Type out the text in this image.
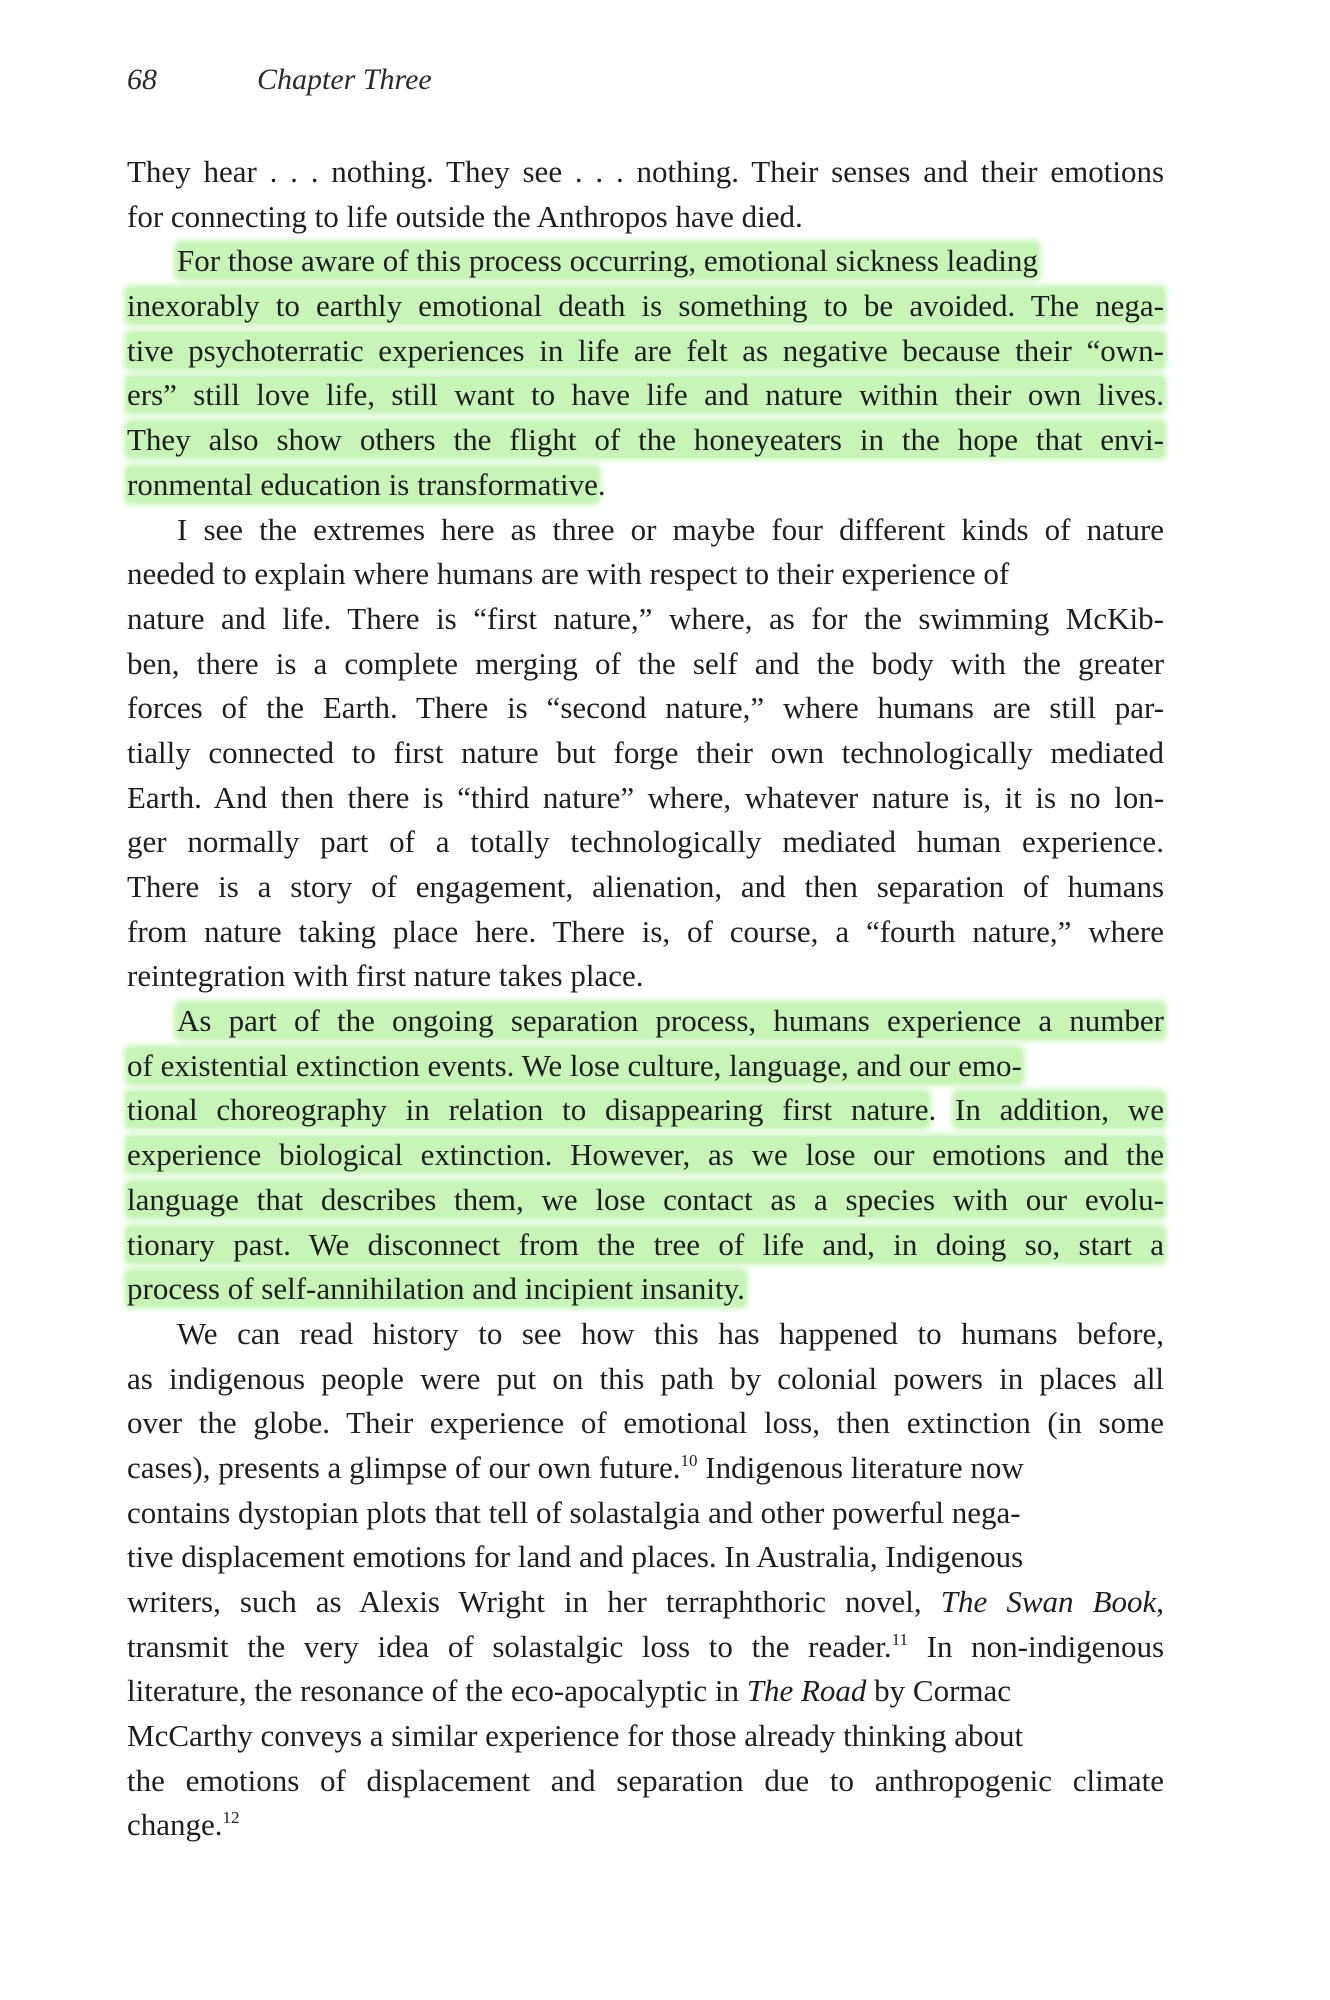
68	Chapter Three
They hear . . . nothing. They see . . . nothing. Their senses and their emotions
for connecting to life outside the Anthropos have died.
For those aware of this process occurring, emotional sickness leading
inexorably to earthly emotional death is something to be avoided. The nega-
tive psychoterratic experiences in life are felt as negative because their “own-
ers” still love life, still want to have life and nature within their own lives.
They also show others the flight of the honeyeaters in the hope that envi-
ronmental education is transformative.
I see the extremes here as three or maybe four different kinds of nature
needed to explain where humans are with respect to their experience of
nature and life. There is “first nature,” where, as for the swimming McKib-
ben, there is a complete merging of the self and the body with the greater
forces of the Earth. There is “second nature,” where humans are still par-
tially connected to first nature but forge their own technologically mediated
Earth. And then there is “third nature” where, whatever nature is, it is no lon-
ger normally part of a totally technologically mediated human experience.
There is a story of engagement, alienation, and then separation of humans
from nature taking place here. There is, of course, a “fourth nature,” where
reintegration with first nature takes place.
As part of the ongoing separation process, humans experience a number
of existential extinction events. We lose culture, language, and our emo-
tional choreography in relation to disappearing first nature. In addition, we
experience biological extinction. However, as we lose our emotions and the
language that describes them, we lose contact as a species with our evolu-
tionary past. We disconnect from the tree of life and, in doing so, start a
process of self-annihilation and incipient insanity.
We can read history to see how this has happened to humans before,
as indigenous people were put on this path by colonial powers in places all
over the globe. Their experience of emotional loss, then extinction (in some
cases), presents a glimpse of our own future.$^{10}$ Indigenous literature now
contains dystopian plots that tell of solastalgia and other powerful nega-
tive displacement emotions for land and places. In Australia, Indigenous
writers, such as Alexis Wright in her terraphthoric novel, The Swan Book,
transmit the very idea of solastalgic loss to the reader.$^{11}$ In non-indigenous
literature, the resonance of the eco-apocalyptic in The Road by Cormac
McCarthy conveys a similar experience for those already thinking about
the emotions of displacement and separation due to anthropogenic climate
change.$^{12}$
